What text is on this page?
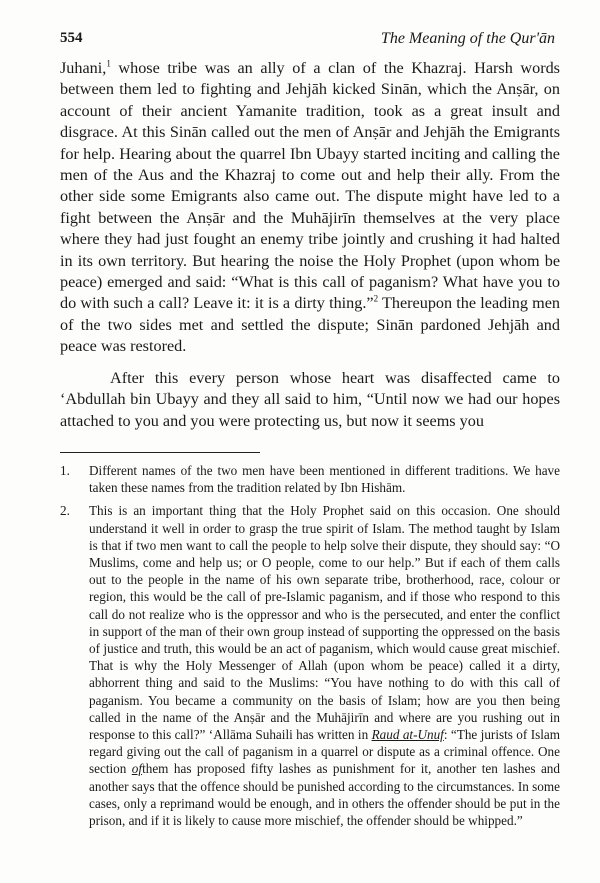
554	The Meaning of the Qur'ān

Juhani,$^1$ whose tribe was an ally of a clan of the Khazraj. Harsh words between them led to fighting and Jehjāh kicked Sinān, which the Anṣār, on account of their ancient Yamanite tradition, took as a great insult and disgrace. At this Sinān called out the men of Anṣār and Jehjāh the Emigrants for help. Hearing about the quarrel Ibn Ubayy started inciting and calling the men of the Aus and the Khazraj to come out and help their ally. From the other side some Emigrants also came out. The dispute might have led to a fight between the Anṣār and the Muhājirīn themselves at the very place where they had just fought an enemy tribe jointly and crushing it had halted in its own territory. But hearing the noise the Holy Prophet (upon whom be peace) emerged and said: “What is this call of paganism? What have you to do with such a call? Leave it: it is a dirty thing.”$^2$ Thereupon the leading men of the two sides met and settled the dispute; Sinān pardoned Jehjāh and peace was restored.

After this every person whose heart was disaffected came to ‘Abdullah bin Ubayy and they all said to him, “Until now we had our hopes attached to you and you were protecting us, but now it seems you

1.	Different names of the two men have been mentioned in different traditions. We have taken these names from the tradition related by Ibn Hishām.
2.	This is an important thing that the Holy Prophet said on this occasion. One should understand it well in order to grasp the true spirit of Islam. The method taught by Islam is that if two men want to call the people to help solve their dispute, they should say: “O Muslims, come and help us; or O people, come to our help.” But if each of them calls out to the people in the name of his own separate tribe, brotherhood, race, colour or region, this would be the call of pre-Islamic paganism, and if those who respond to this call do not realize who is the oppressor and who is the persecuted, and enter the conflict in support of the man of their own group instead of supporting the oppressed on the basis of justice and truth, this would be an act of paganism, which would cause great mischief. That is why the Holy Messenger of Allah (upon whom be peace) called it a dirty, abhorrent thing and said to the Muslims: “You have nothing to do with this call of paganism. You became a community on the basis of Islam; how are you then being called in the name of the Anṣār and the Muhājirīn and where are you rushing out in response to this call?” ‘Allāma Suhaili has written in Raud at-Unuf: “The jurists of Islam regard giving out the call of paganism in a quarrel or dispute as a criminal offence. One section ofthem has proposed fifty lashes as punishment for it, another ten lashes and another says that the offence should be punished according to the circumstances. In some cases, only a reprimand would be enough, and in others the offender should be put in the prison, and if it is likely to cause more mischief, the offender should be whipped.”
